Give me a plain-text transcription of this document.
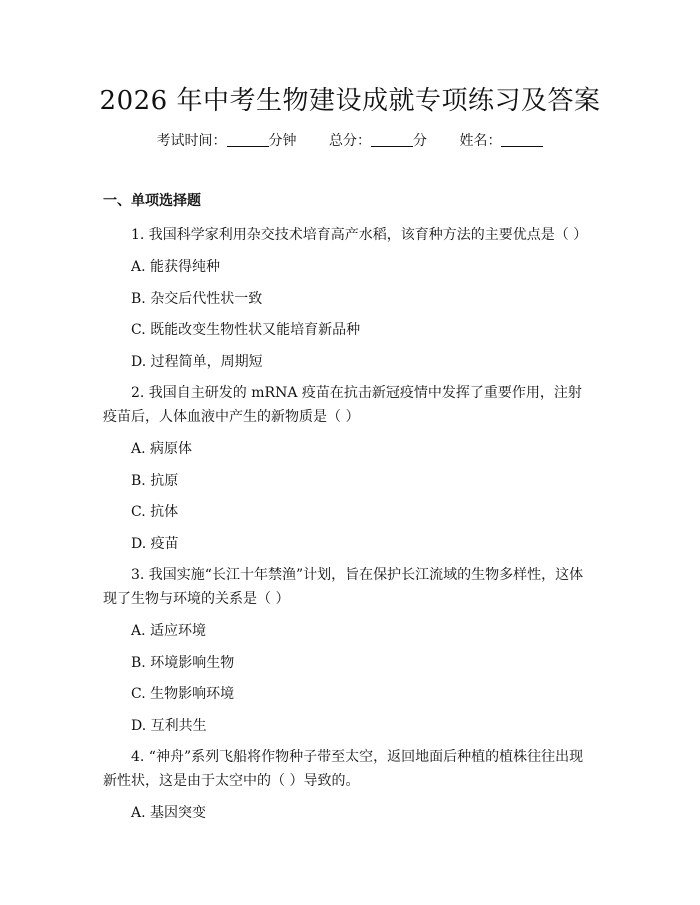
2026 年中考生物建设成就专项练习及答案
考试时间：	分钟 总分：	分 姓名：
一、单项选择题

1. 我国科学家利用杂交技术培育高产水稻，该育种方法的主要优点是（ ）

A. 能获得纯种

B. 杂交后代性状一致

C. 既能改变生物性状又能培育新品种

D. 过程简单，周期短

2. 我国自主研发的 mRNA 疫苗在抗击新冠疫情中发挥了重要作用，注射疫苗后，人体血液中产生的新物质是（ ）

A. 病原体

B. 抗原

C. 抗体

D. 疫苗

3. 我国实施“长江十年禁渔”计划，旨在保护长江流域的生物多样性，这体现了生物与环境的关系是（ ）

A. 适应环境

B. 环境影响生物

C. 生物影响环境

D. 互利共生

4. “神舟”系列飞船将作物种子带至太空，返回地面后种植的植株往往出现新性状，这是由于太空中的（ ）导致的。

A. 基因突变
